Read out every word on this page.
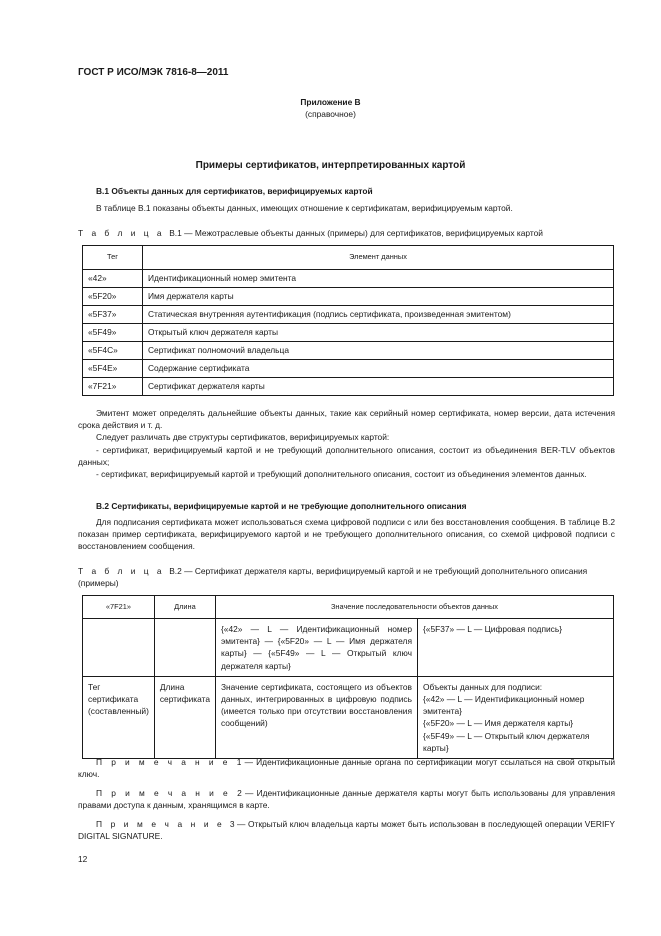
ГОСТ Р ИСО/МЭК 7816-8—2011
Приложение В
(справочное)
Примеры сертификатов, интерпретированных картой
В.1 Объекты данных для сертификатов, верифицируемых картой

В таблице В.1 показаны объекты данных, имеющих отношение к сертификатам, верифицируемым картой.

Т а б л и ц а В.1 — Межотраслевые объекты данных (примеры) для сертификатов, верифицируемых картой
Тег	Элемент данных
«42»	Идентификационный номер эмитента
«5F20»	Имя держателя карты
«5F37»	Статическая внутренняя аутентификация (подпись сертификата, произведенная эмитентом)
«5F49»	Открытый ключ держателя карты
«5F4C»	Сертификат полномочий владельца
«5F4E»	Содержание сертификата
«7F21»	Сертификат держателя карты

Эмитент может определять дальнейшие объекты данных, такие как серийный номер сертификата, номер версии, дата истечения срока действия и т. д.

Следует различать две структуры сертификатов, верифицируемых картой:

- сертификат, верифицируемый картой и не требующий дополнительного описания, состоит из объединения BER-TLV объектов данных;

- сертификат, верифицируемый картой и требующий дополнительного описания, состоит из объединения элементов данных.

В.2 Сертификаты, верифицируемые картой и не требующие дополнительного описания

Для подписания сертификата может использоваться схема цифровой подписи с или без восстановления сообщения. В таблице В.2 показан пример сертификата, верифицируемого картой и не требующего дополнительного описания, со схемой цифровой подписи с восстановлением сообщения.

Т а б л и ц а В.2 — Сертификат держателя карты, верифицируемый картой и не требующий дополнительного описания (примеры)
«7F21»	Длина	Значение последовательности объектов данных	
		{«42» — L — Идентификационный номер эмитента} — {«5F20» — L — Имя держателя карты} — {«5F49» — L — Открытый ключ держателя карты}	{«5F37» — L — Цифровая подпись}
Тег сертификата (составленный)	Длина сертификата	Значение сертификата, состоящего из объектов данных, интегрированных в цифровую подпись (имеется только при отсутствии восстановления сообщений)	Объекты данных для подписи:
{«42» — L — Идентификационный номер эмитента}
{«5F20» — L — Имя держателя карты}
{«5F49» — L — Открытый ключ держателя карты}

П р и м е ч а н и е 1 — Идентификационные данные органа по сертификации могут ссылаться на свой открытый ключ.

П р и м е ч а н и е 2 — Идентификационные данные держателя карты могут быть использованы для управления правами доступа к данным, хранящимся в карте.

П р и м е ч а н и е 3 — Открытый ключ владельца карты может быть использован в последующей операции VERIFY DIGITAL SIGNATURE.

12
